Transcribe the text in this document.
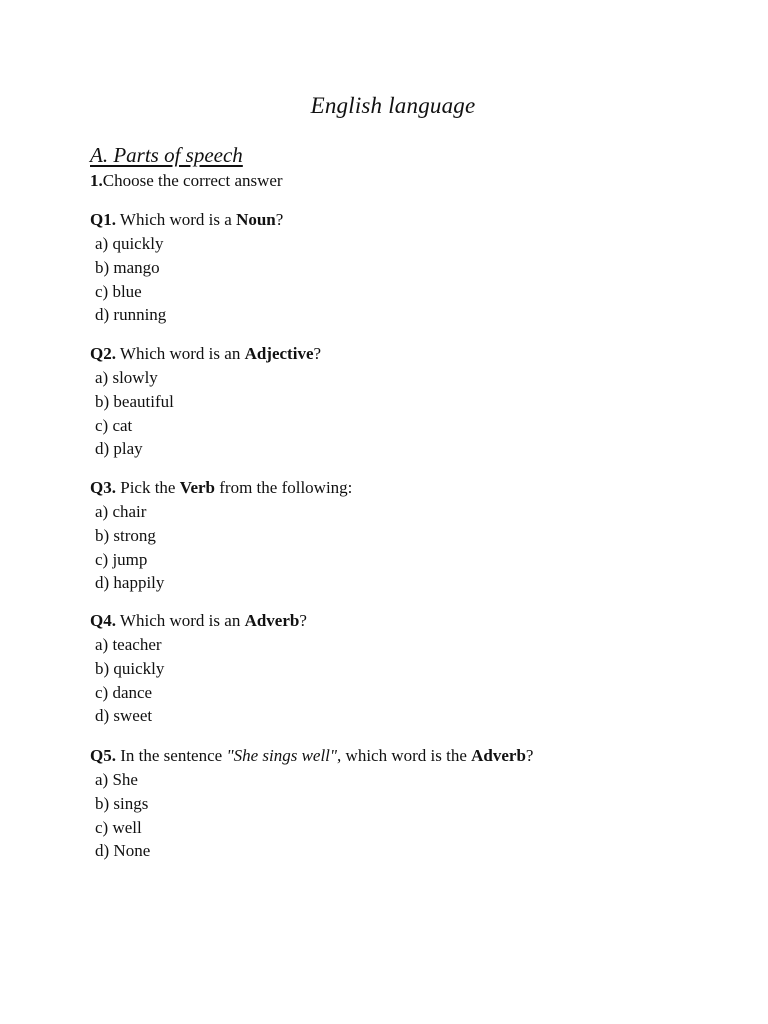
English language
A. Parts of speech
1.Choose the correct answer
Q1. Which word is a Noun?
a) quickly
b) mango
c) blue
d) running
Q2. Which word is an Adjective?
a) slowly
b) beautiful
c) cat
d) play
Q3. Pick the Verb from the following:
a) chair
b) strong
c) jump
d) happily
Q4. Which word is an Adverb?
a) teacher
b) quickly
c) dance
d) sweet
Q5. In the sentence "She sings well", which word is the Adverb?
a) She
b) sings
c) well
d) None
